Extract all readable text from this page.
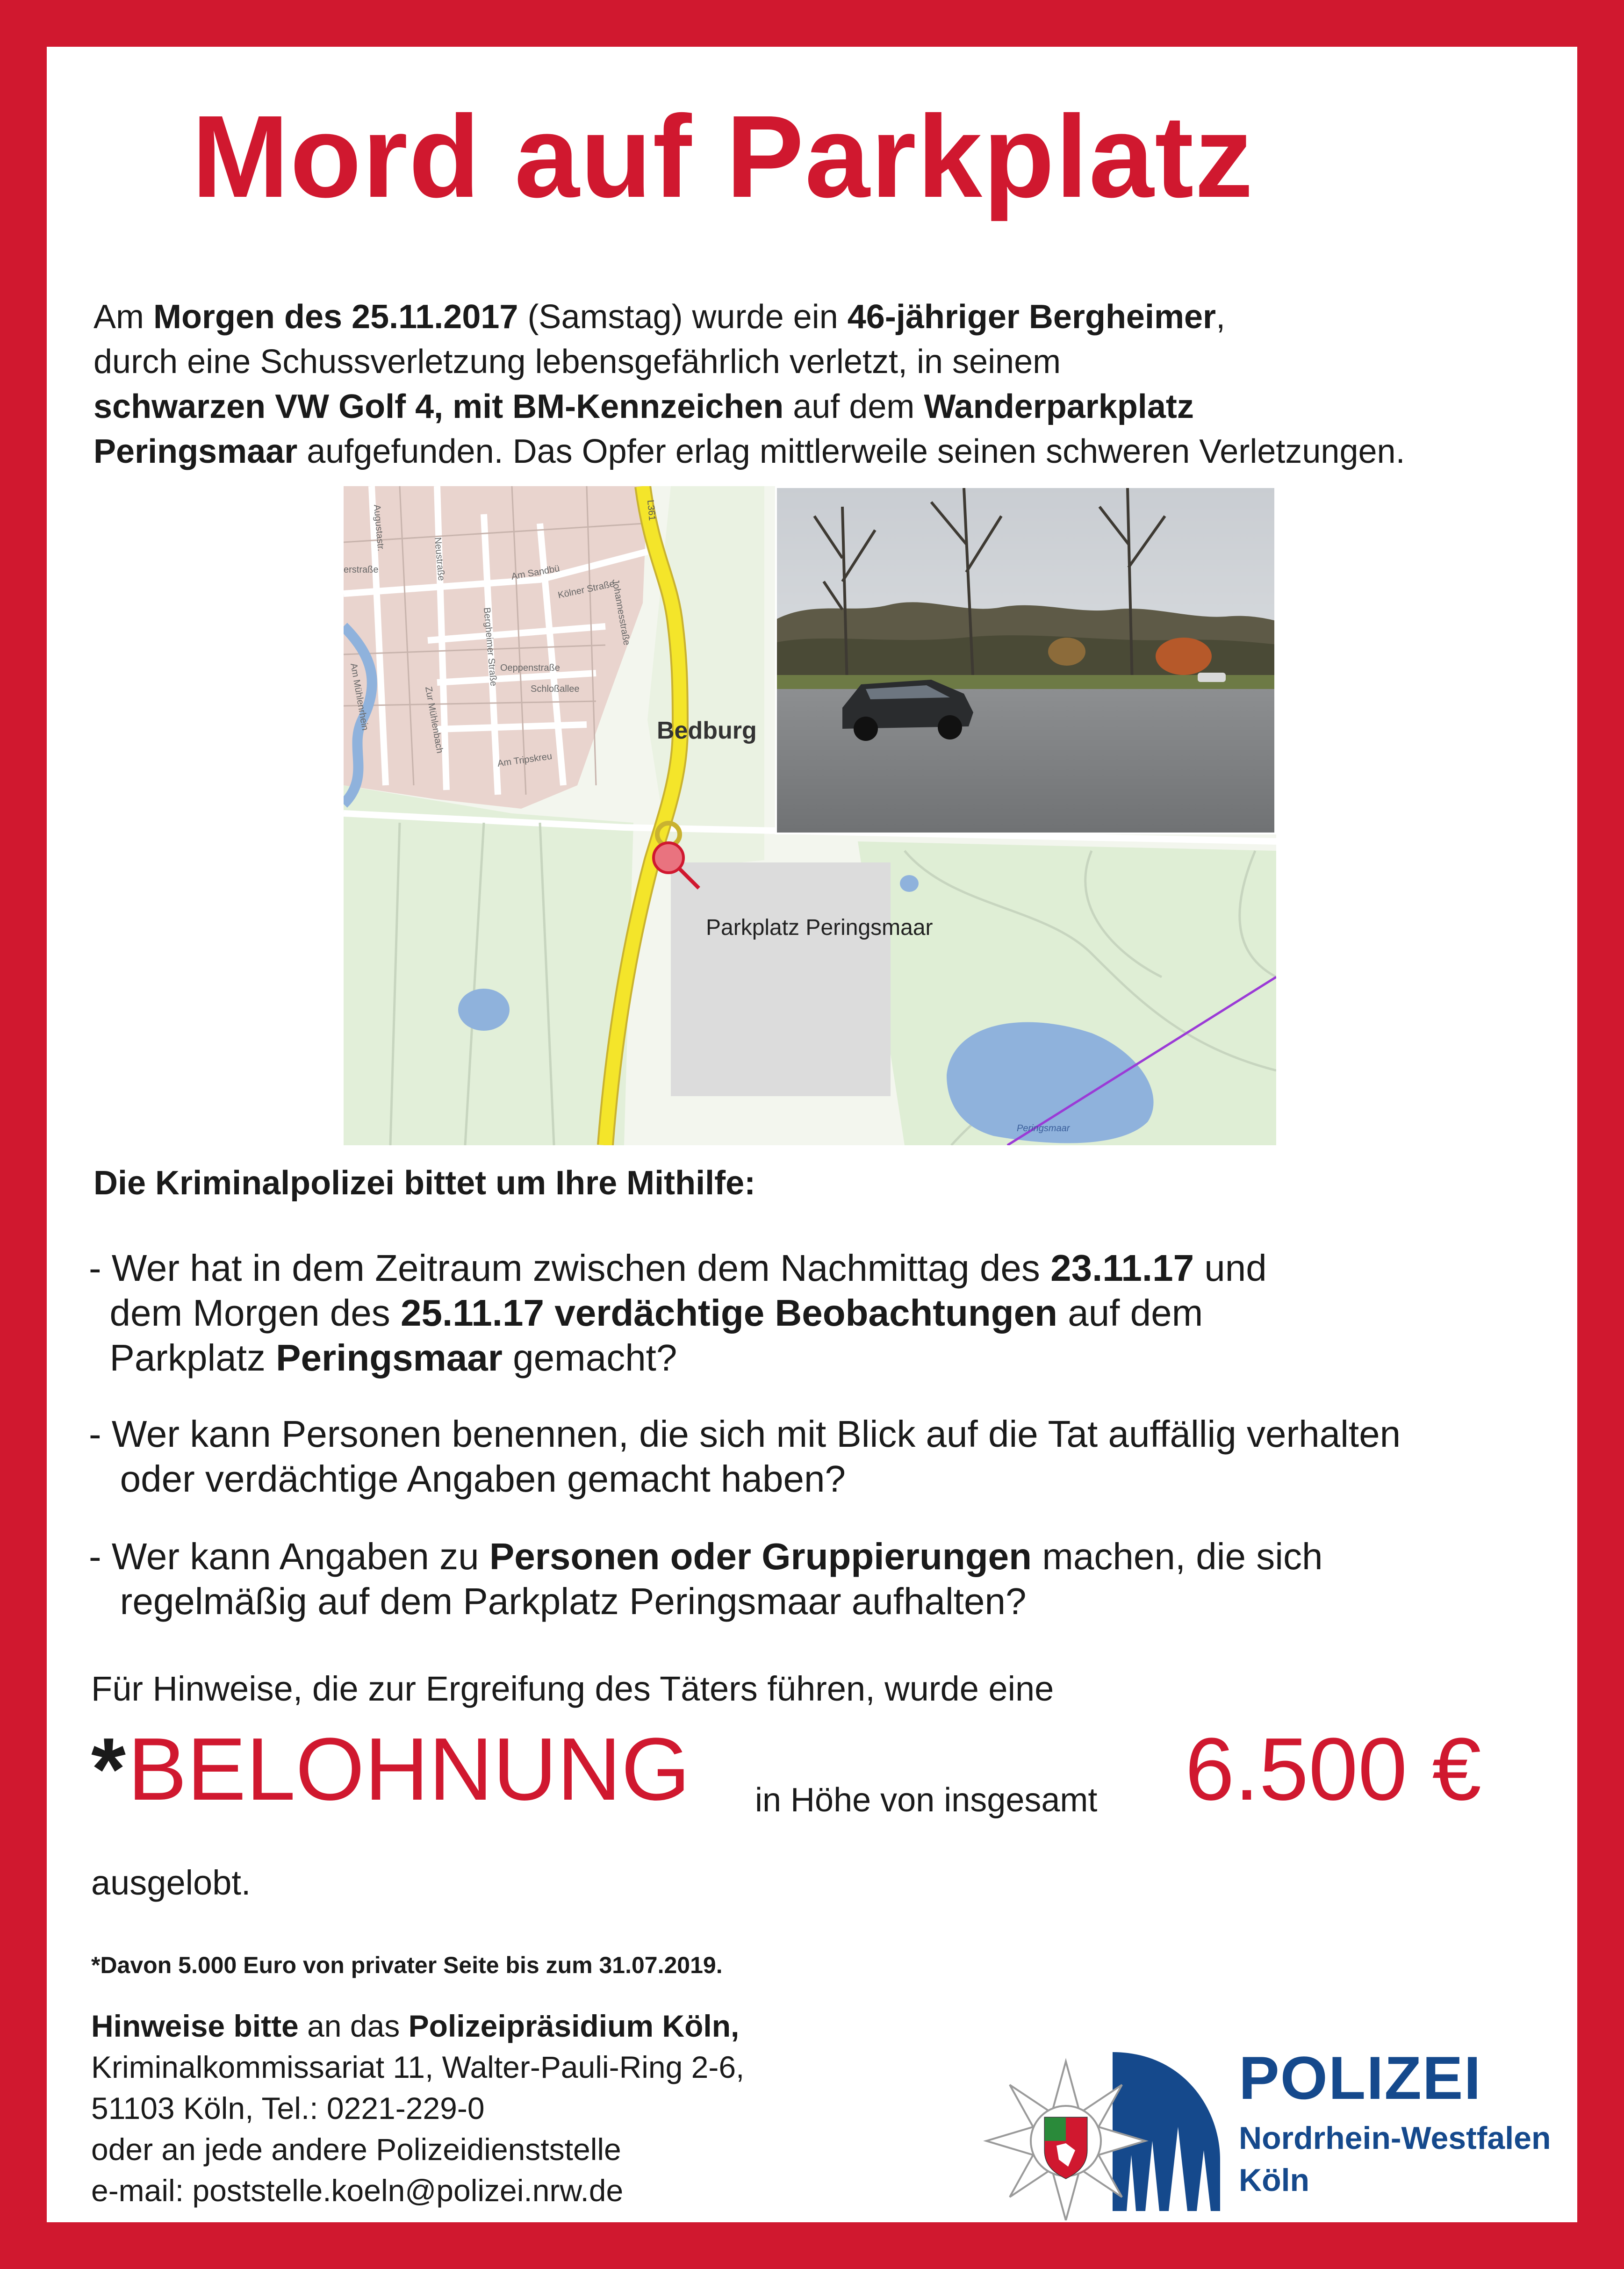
Mord auf Parkplatz

Am Morgen des 25.11.2017 (Samstag) wurde ein 46-jähriger Bergheimer,

durch eine Schussverletzung lebensgefährlich verletzt, in seinem

schwarzen VW Golf 4, mit BM-Kennzeichen auf dem Wanderparkplatz

Peringsmaar aufgefunden. Das Opfer erlag mittlerweile seinen schweren Verletzungen.

Bedburg
Parkplatz Peringsmaar
Peringsmaar
L361
Augustastr.
Neustraße	Am Sandbü
Kölner Straße
Johannesstraße
Oeppenstraße
Schloßallee
Bergheimer Straße
Am Tripskreu
erstraße
Am Mühlenrhein	Zur Mühlenbach
Die Kriminalpolizei bittet um Ihre Mithilfe:

- Wer hat in dem Zeitraum zwischen dem Nachmittag des 23.11.17 und

dem Morgen des 25.11.17 verdächtige Beobachtungen auf dem

Parkplatz Peringsmaar gemacht?

- Wer kann Personen benennen, die sich mit Blick auf die Tat auffällig verhalten

oder verdächtige Angaben gemacht haben?

- Wer kann Angaben zu Personen oder Gruppierungen machen, die sich

regelmäßig auf dem Parkplatz Peringsmaar aufhalten?

Für Hinweise, die zur Ergreifung des Täters führen, wurde eine
* BELOHNUNG in Höhe von insgesamt 6.500 €
ausgelobt.
*Davon 5.000 Euro von privater Seite bis zum 31.07.2019.

Hinweise bitte an das Polizeipräsidium Köln,

Kriminalkommissariat 11, Walter-Pauli-Ring 2-6,

51103 Köln, Tel.: 0221-229-0

oder an jede andere Polizeidienststelle

e-mail: poststelle.koeln@polizei.nrw.de

POLIZEI
Nordrhein-Westfalen
Köln
